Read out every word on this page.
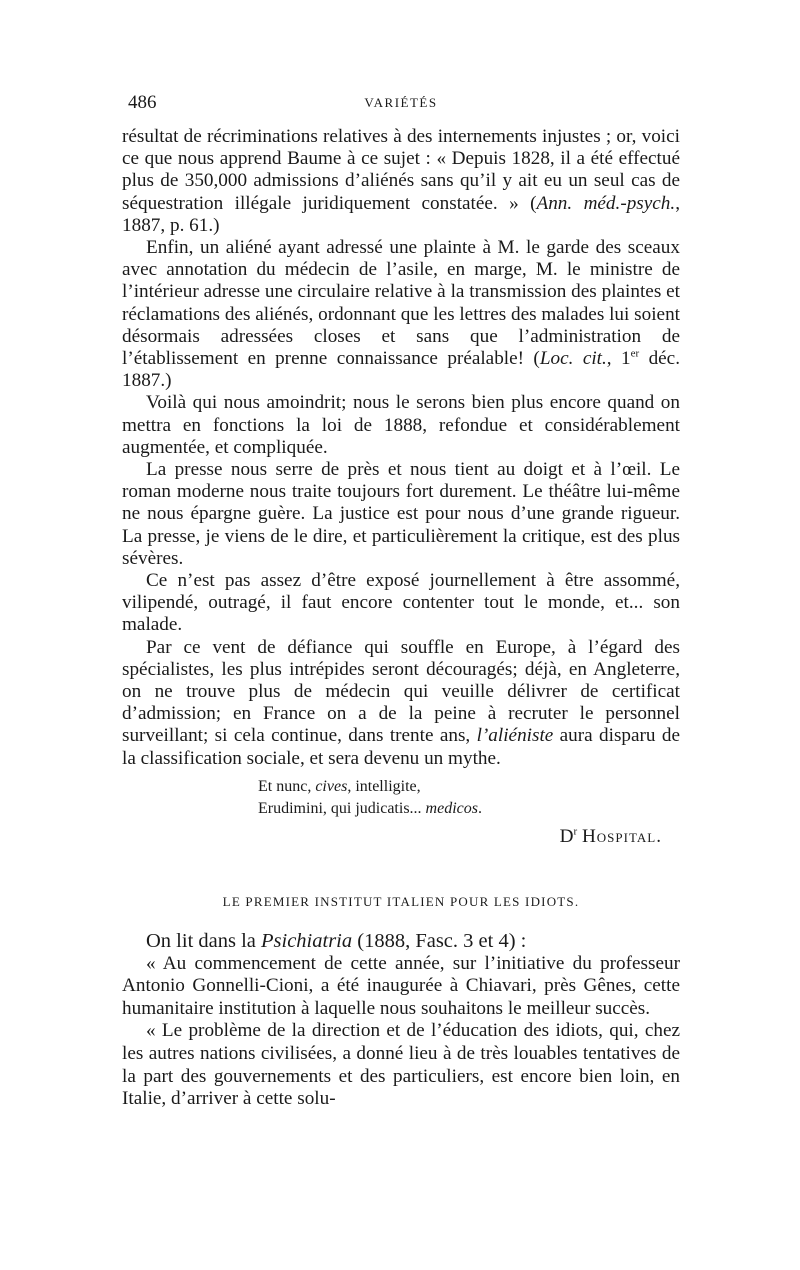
486	VARIÉTÉS

résultat de récriminations relatives à des internements injustes ; or, voici ce que nous apprend Baume à ce sujet : « Depuis 1828, il a été effectué plus de 350,000 admissions d’aliénés sans qu’il y ait eu un seul cas de séquestration illégale juridiquement constatée. » (Ann. méd.-psych., 1887, p. 61.)

Enfin, un aliéné ayant adressé une plainte à M. le garde des sceaux avec annotation du médecin de l’asile, en marge, M. le ministre de l’intérieur adresse une circulaire relative à la transmission des plaintes et réclamations des aliénés, ordonnant que les lettres des malades lui soient désormais adressées closes et sans que l’administration de l’établissement en prenne connaissance préalable! (Loc. cit., 1er déc. 1887.)

Voilà qui nous amoindrit; nous le serons bien plus encore quand on mettra en fonctions la loi de 1888, refondue et considérablement augmentée, et compliquée.

La presse nous serre de près et nous tient au doigt et à l’œil. Le roman moderne nous traite toujours fort durement. Le théâtre lui-même ne nous épargne guère. La justice est pour nous d’une grande rigueur. La presse, je viens de le dire, et particulièrement la critique, est des plus sévères.

Ce n’est pas assez d’être exposé journellement à être assommé, vilipendé, outragé, il faut encore contenter tout le monde, et... son malade.

Par ce vent de défiance qui souffle en Europe, à l’égard des spécialistes, les plus intrépides seront découragés; déjà, en Angleterre, on ne trouve plus de médecin qui veuille délivrer de certificat d’admission; en France on a de la peine à recruter le personnel surveillant; si cela continue, dans trente ans, l’aliéniste aura disparu de la classification sociale, et sera devenu un mythe.

Et nunc, cives, intelligite,
Erudimini, qui judicatis... medicos.

$D^r$ Hospital.

LE PREMIER INSTITUT ITALIEN POUR LES IDIOTS.

On lit dans la Psichiatria (1888, Fasc. 3 et 4) :

« Au commencement de cette année, sur l’initiative du professeur Antonio Gonnelli-Cioni, a été inaugurée à Chiavari, près Gênes, cette humanitaire institution à laquelle nous souhaitons le meilleur succès.

« Le problème de la direction et de l’éducation des idiots, qui, chez les autres nations civilisées, a donné lieu à de très louables tentatives de la part des gouvernements et des particuliers, est encore bien loin, en Italie, d’arriver à cette solu-
